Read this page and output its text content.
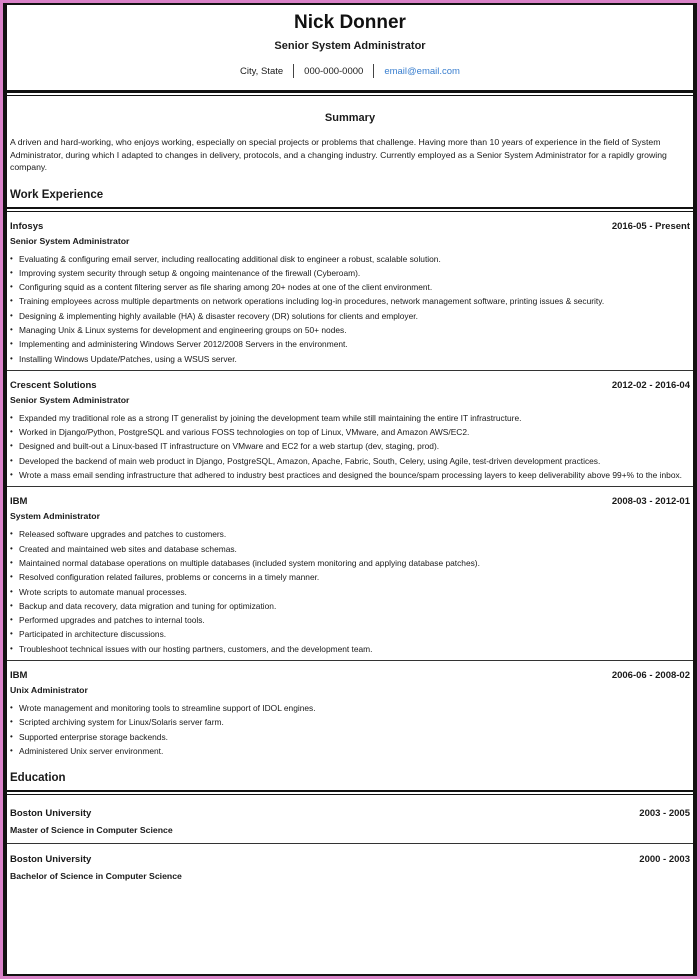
Nick Donner
Senior System Administrator
City, State	000-000-0000	email@email.com
Summary
A driven and hard-working, who enjoys working, especially on special projects or problems that challenge. Having more than 10 years of experience in the field of System Administrator, during which I adapted to changes in delivery, protocols, and a changing industry. Currently employed as a Senior System Administrator for a rapidly growing company.
Work Experience
Infosys	2016-05 - Present
Senior System Administrator
• Evaluating & configuring email server, including reallocating additional disk to engineer a robust, scalable solution.
• Improving system security through setup & ongoing maintenance of the firewall (Cyberoam).
• Configuring squid as a content filtering server as file sharing among 20+ nodes at one of the client environment.
• Training employees across multiple departments on network operations including log-in procedures, network management software, printing issues & security.
• Designing & implementing highly available (HA) & disaster recovery (DR) solutions for clients and employer.
• Managing Unix & Linux systems for development and engineering groups on 50+ nodes.
• Implementing and administering Windows Server 2012/2008 Servers in the environment.
• Installing Windows Update/Patches, using a WSUS server.
Crescent Solutions	2012-02 - 2016-04
Senior System Administrator
• Expanded my traditional role as a strong IT generalist by joining the development team while still maintaining the entire IT infrastructure.
• Worked in Django/Python, PostgreSQL and various FOSS technologies on top of Linux, VMware, and Amazon AWS/EC2.
• Designed and built-out a Linux-based IT infrastructure on VMware and EC2 for a web startup (dev, staging, prod).
• Developed the backend of main web product in Django, PostgreSQL, Amazon, Apache, Fabric, South, Celery, using Agile, test-driven development practices.
• Wrote a mass email sending infrastructure that adhered to industry best practices and designed the bounce/spam processing layers to keep deliverability above 99+% to the inbox.
IBM	2008-03 - 2012-01
System Administrator
• Released software upgrades and patches to customers.
• Created and maintained web sites and database schemas.
• Maintained normal database operations on multiple databases (included system monitoring and applying database patches).
• Resolved configuration related failures, problems or concerns in a timely manner.
• Wrote scripts to automate manual processes.
• Backup and data recovery, data migration and tuning for optimization.
• Performed upgrades and patches to internal tools.
• Participated in architecture discussions.
• Troubleshoot technical issues with our hosting partners, customers, and the development team.
IBM	2006-06 - 2008-02
Unix Administrator
• Wrote management and monitoring tools to streamline support of IDOL engines.
• Scripted archiving system for Linux/Solaris server farm.
• Supported enterprise storage backends.
• Administered Unix server environment.
Education
Boston University	2003 - 2005
Master of Science in Computer Science
Boston University	2000 - 2003
Bachelor of Science in Computer Science
